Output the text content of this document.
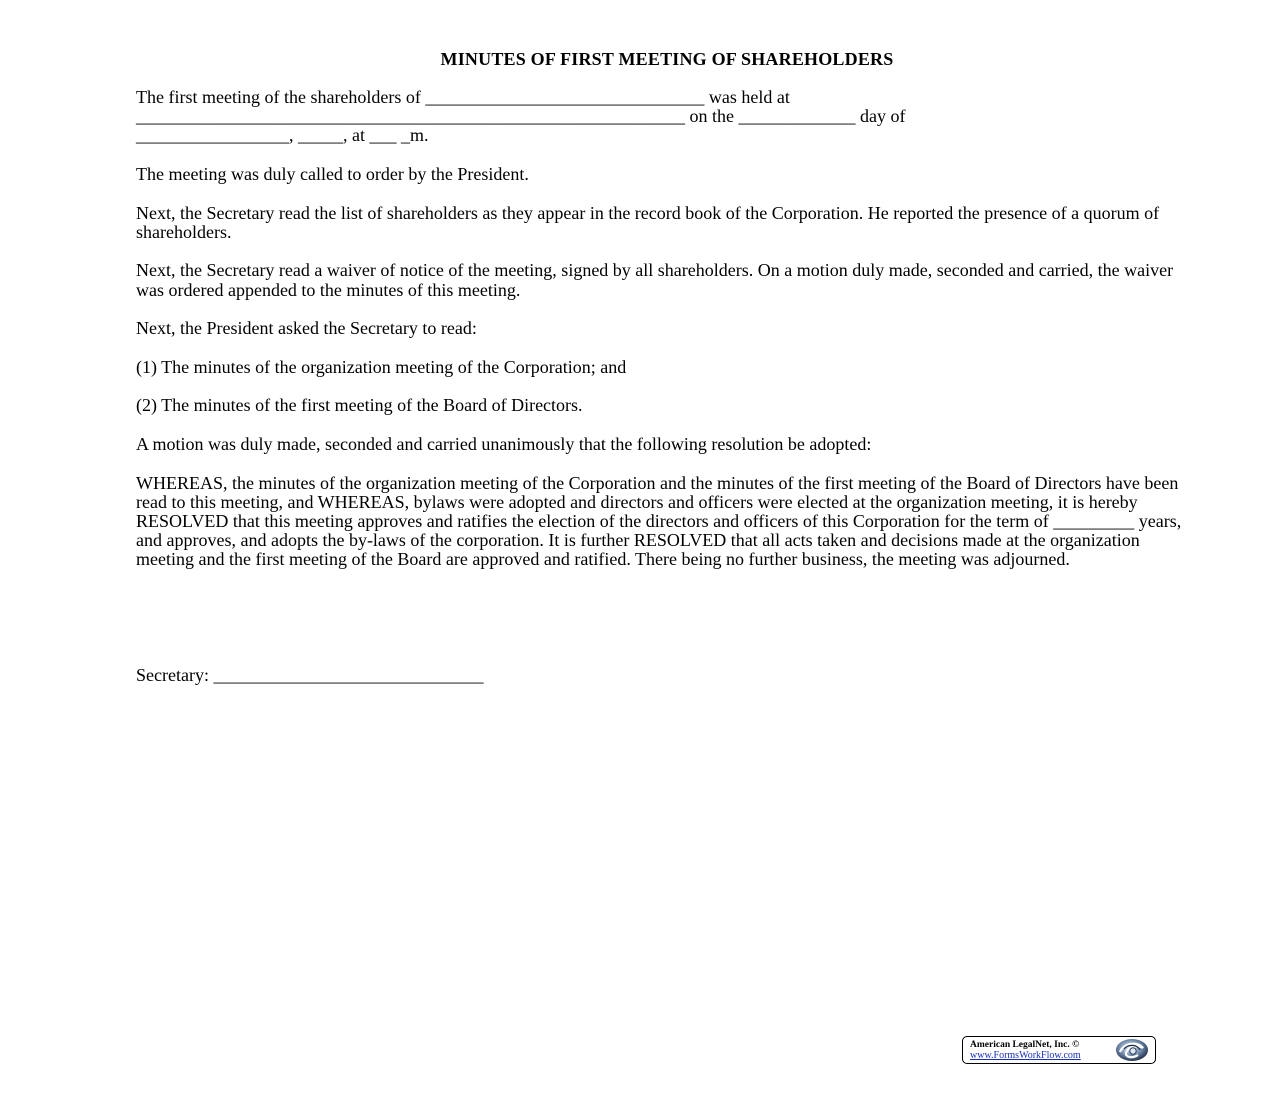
MINUTES OF FIRST MEETING OF SHAREHOLDERS

The first meeting of the shareholders of _______________________________ was held at
_____________________________________________________________ on the _____________ day of
_________________, _____, at ___ _m.

The meeting was duly called to order by the President.

Next, the Secretary read the list of shareholders as they appear in the record book of the Corporation. He reported the presence of a quorum of shareholders.

Next, the Secretary read a waiver of notice of the meeting, signed by all shareholders. On a motion duly made, seconded and carried, the waiver was ordered appended to the minutes of this meeting.

Next, the President asked the Secretary to read:

(1) The minutes of the organization meeting of the Corporation; and

(2) The minutes of the first meeting of the Board of Directors.

A motion was duly made, seconded and carried unanimously that the following resolution be adopted:

WHEREAS, the minutes of the organization meeting of the Corporation and the minutes of the first meeting of the Board of Directors have been read to this meeting, and WHEREAS, bylaws were adopted and directors and officers were elected at the organization meeting, it is hereby RESOLVED that this meeting approves and ratifies the election of the directors and officers of this Corporation for the term of _________ years, and approves, and adopts the by-laws of the corporation. It is further RESOLVED that all acts taken and decisions made at the organization meeting and the first meeting of the Board are approved and ratified. There being no further business, the meeting was adjourned.

Secretary: ______________________________
American LegalNet, Inc. ©
www.FormsWorkFlow.com
